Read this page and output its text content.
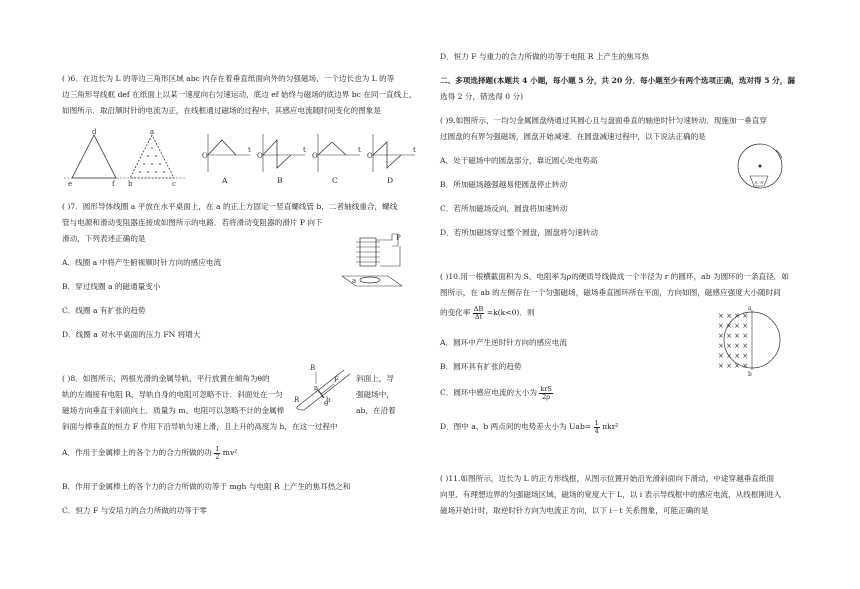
( )6．在边长为 L 的等边三角形区域 abc 内存在着垂直纸面向外的匀强磁场，一个边长也为 L 的等
边三角形导线框 def 在纸面上以某一速度向右匀速运动，底边 ef 始终与磁场的底边界 bc 在同一直线上，
如图所示．取沿顺时针的电流为正，在线框通过磁场的过程中，其感应电流随时间变化的图象是
d	a
e	f b	c
O
t
O
t
O
t
O
t
A	B	C	D
( )7．圆形导体线圈 a 平放在水平桌面上，在 a 的正上方固定一竖直螺线管 b，二者轴线重合，螺线
管与电源和滑动变阻器连接成如图所示的电路．若将滑动变阻器的滑片 P 向下
滑动，下列表述正确的是	P
a
A．线圈 a 中将产生俯视顺时针方向的感应电流
B．穿过线圈 a 的磁通量变小
C．线圈 a 有扩张的趋势
D．线圈 a 对水平桌面的压力 FN 将增大
( )8．如图所示，两根光滑的金属导轨，平行放置在倾角为θ的
轨的左端接有电阻 R，导轨自身的电阻可忽略不计．斜面处在一匀
磁场方向垂直于斜面向上．质量为 m、电阻可以忽略不计的金属棒
斜面上，导
强磁场中，
ab，在沿着
斜面与棒垂直的恒力 F 作用下沿导轨匀速上滑，且上升的高度为 h，在这一过程中
B
F
R	θ
a
b
A．作用于金属棒上的各个力的合力所做的功 $\frac{1}{2} mv^2$
B．作用于金属棒上的各个力的合力所做的功等于 mgh 与电阻 R 上产生的焦耳热之和
C．恒力 F 与安培力的合力所做的功等于零
D．恒力 F 与重力的合力所做的功等于电阻 R 上产生的焦耳热
二、多项选择题(本题共 4 小题，每小题 5 分，共 20 分．每小题至少有两个选项正确，选对得 5 分，漏
选得 2 分，错选得 0 分)
( )9.如图所示，一均匀金属圆盘绕通过其圆心且与盘面垂直的轴逆时针匀速转动．现施加一垂直穿
过圆盘的有界匀强磁场，圆盘开始减速．在圆盘减速过程中，以下说法正确的是
× ×
A．处于磁场中的圆盘部分，靠近圆心处电势高
B．所加磁场越强越易使圆盘停止转动
C．若所加磁场反向，圆盘将加速转动
D．若所加磁场穿过整个圆盘，圆盘将匀速转动
( )10.用一根横截面积为 S、电阻率为ρ的硬质导线做成一个半径为 r 的圆环，ab 为圆环的一条直径．如
图所示，在 ab 的左侧存在一个匀强磁场，磁场垂直圆环所在平面，方向如图，磁感应强度大小随时间
的变化率 $\frac{\Delta B}{\Delta t} =k(k<0)$．则	a
b
× × × ×
× × × ×
× × × ×
× × × ×
× × × ×
× × × ×
A．圆环中产生逆时针方向的感应电流
B．圆环具有扩张的趋势
C．圆环中感应电流的大小为 $\frac{\text{krS}}{2\rho}$
D．图中 a、b 两点间的电势差大小为 $Uab= \frac{1}{4} \pi kr^2$
( )11.如图所示，边长为 L 的正方形线框，从图示位置开始沿光滑斜面向下滑动，中途穿越垂直纸面
向里、有理想边界的匀强磁场区域，磁场的宽度大于 L，以 i 表示导线框中的感应电流，从线框刚进入
磁场开始计时，取逆时针方向为电流正方向，以下 i－t 关系图象，可能正确的是
